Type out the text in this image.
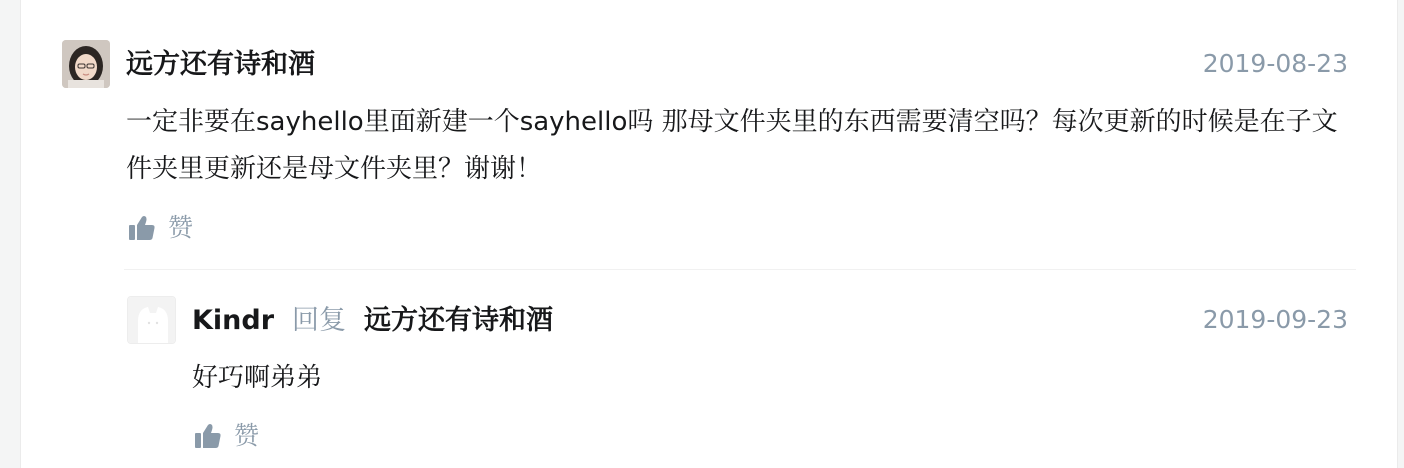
远方还有诗和酒	2019-08-23
一定非要在sayhello里面新建一个sayhello吗 那母文件夹里的东西需要清空吗？每次更新的时候是在子文件夹里更新还是母文件夹里？谢谢！
赞
Kindr 回复 远方还有诗和酒	2019-09-23
好巧啊弟弟
赞
